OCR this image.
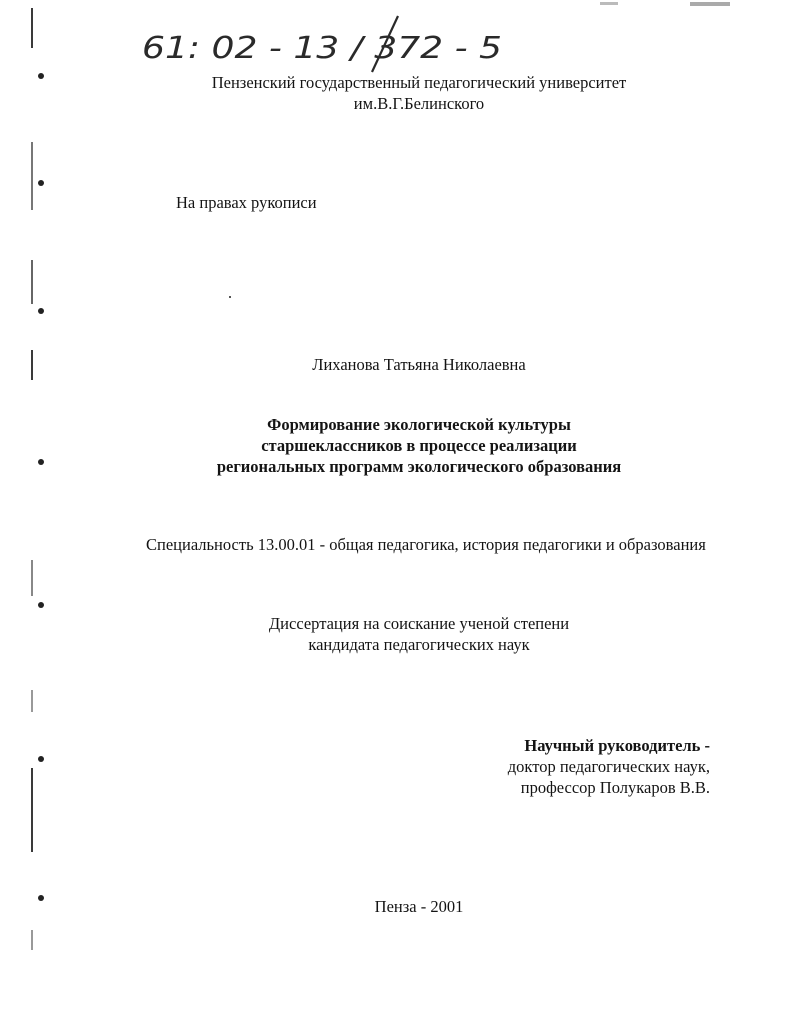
61: 02 - 13 / 372 - 5
Пензенский государственный педагогический университет
им.В.Г.Белинского
На правах рукописи
Лиханова Татьяна Николаевна
Формирование экологической культуры
старшеклассников в процессе реализации
региональных программ экологического образования
Специальность 13.00.01 - общая педагогика, история педагогики и образования
Диссертация на соискание ученой степени
кандидата педагогических наук
Научный руководитель -
доктор педагогических наук,
профессор Полукаров В.В.
Пенза - 2001
